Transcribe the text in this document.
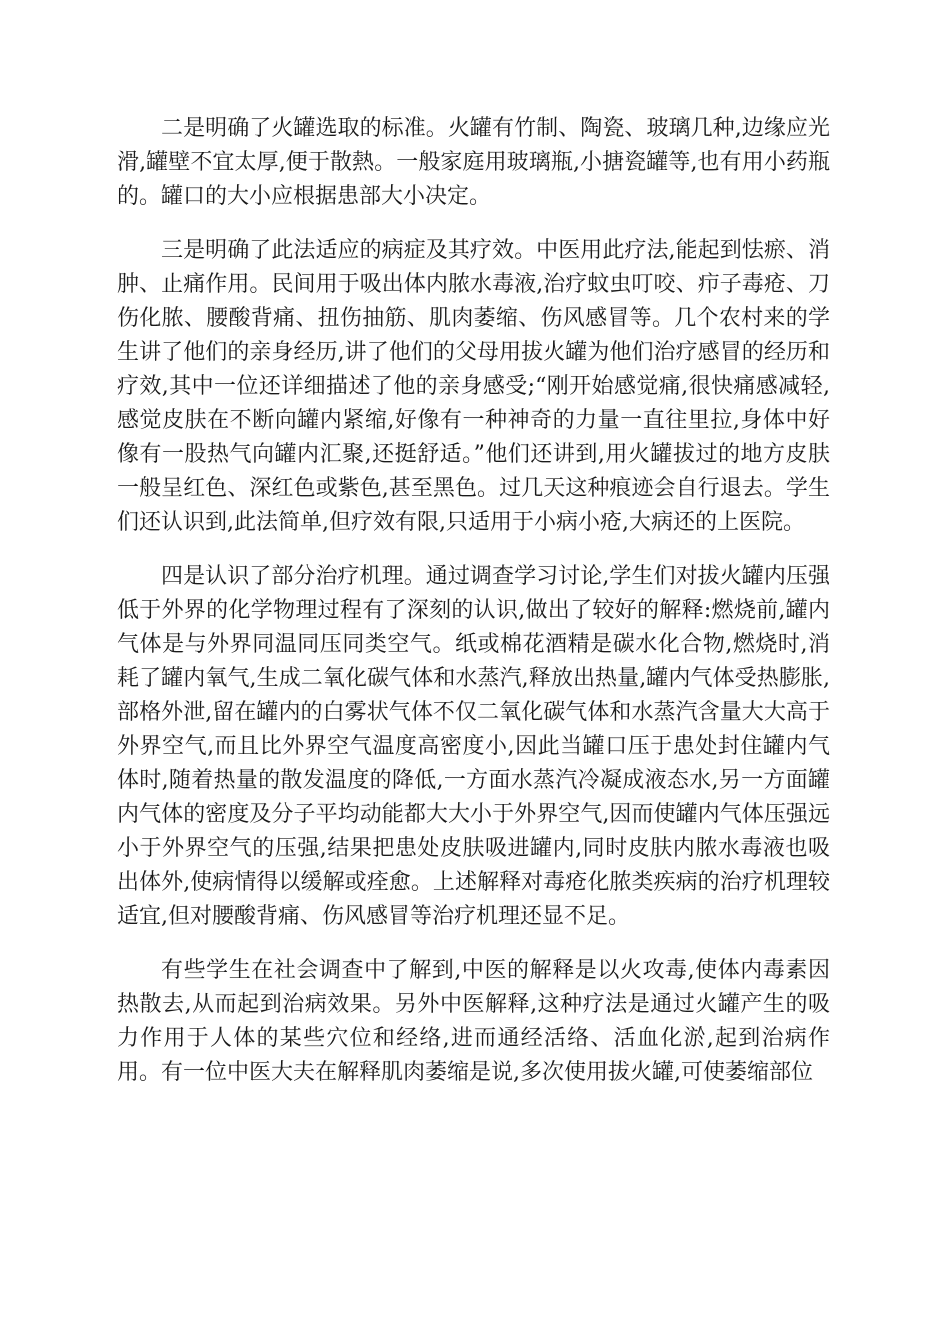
二是明确了火罐选取的标准。火罐有竹制、陶瓷、玻璃几种,边缘应光滑,罐壁不宜太厚,便于散熱。一般家庭用玻璃瓶,小搪瓷罐等,也有用小药瓶的。罐口的大小应根据患部大小决定。

三是明确了此法适应的病症及其疗效。中医用此疗法,能起到怯瘀、消肿、止痛作用。民间用于吸出体内脓水毒液,治疗蚊虫叮咬、疖子毒疮、刀伤化脓、腰酸背痛、扭伤抽筋、肌肉萎缩、伤风感冒等。几个农村来的学生讲了他们的亲身经历,讲了他们的父母用拔火罐为他们治疗感冒的经历和疗效,其中一位还详细描述了他的亲身感受;“刚开始感觉痛,很快痛感减轻,感觉皮肤在不断向罐内紧缩,好像有一种神奇的力量一直往里拉,身体中好像有一股热气向罐内汇聚,还挺舒适。”他们还讲到,用火罐拔过的地方皮肤一般呈红色、深红色或紫色,甚至黑色。过几天这种痕迹会自行退去。学生们还认识到,此法简单,但疗效有限,只适用于小病小疮,大病还的上医院。

四是认识了部分治疗机理。通过调查学习讨论,学生们对拔火罐内压强低于外界的化学物理过程有了深刻的认识,做出了较好的解释:燃烧前,罐内气体是与外界同温同压同类空气。纸或棉花酒精是碳水化合物,燃烧时,消耗了罐内氧气,生成二氧化碳气体和水蒸汽,释放出热量,罐内气体受热膨胀,部格外泄,留在罐内的白雾状气体不仅二氧化碳气体和水蒸汽含量大大高于外界空气,而且比外界空气温度高密度小,因此当罐口压于患处封住罐内气体时,随着热量的散发温度的降低,一方面水蒸汽冷凝成液态水,另一方面罐内气体的密度及分子平均动能都大大小于外界空气,因而使罐内气体压强远小于外界空气的压强,结果把患处皮肤吸进罐内,同时皮肤内脓水毒液也吸出体外,使病情得以缓解或痊愈。上述解释对毒疮化脓类疾病的治疗机理较适宜,但对腰酸背痛、伤风感冒等治疗机理还显不足。

有些学生在社会调查中了解到,中医的解释是以火攻毒,使体内毒素因热散去,从而起到治病效果。另外中医解释,这种疗法是通过火罐产生的吸力作用于人体的某些穴位和经络,进而通经活络、活血化淤,起到治病作用。有一位中医大夫在解释肌肉萎缩是说,多次使用拔火罐,可使萎缩部位
